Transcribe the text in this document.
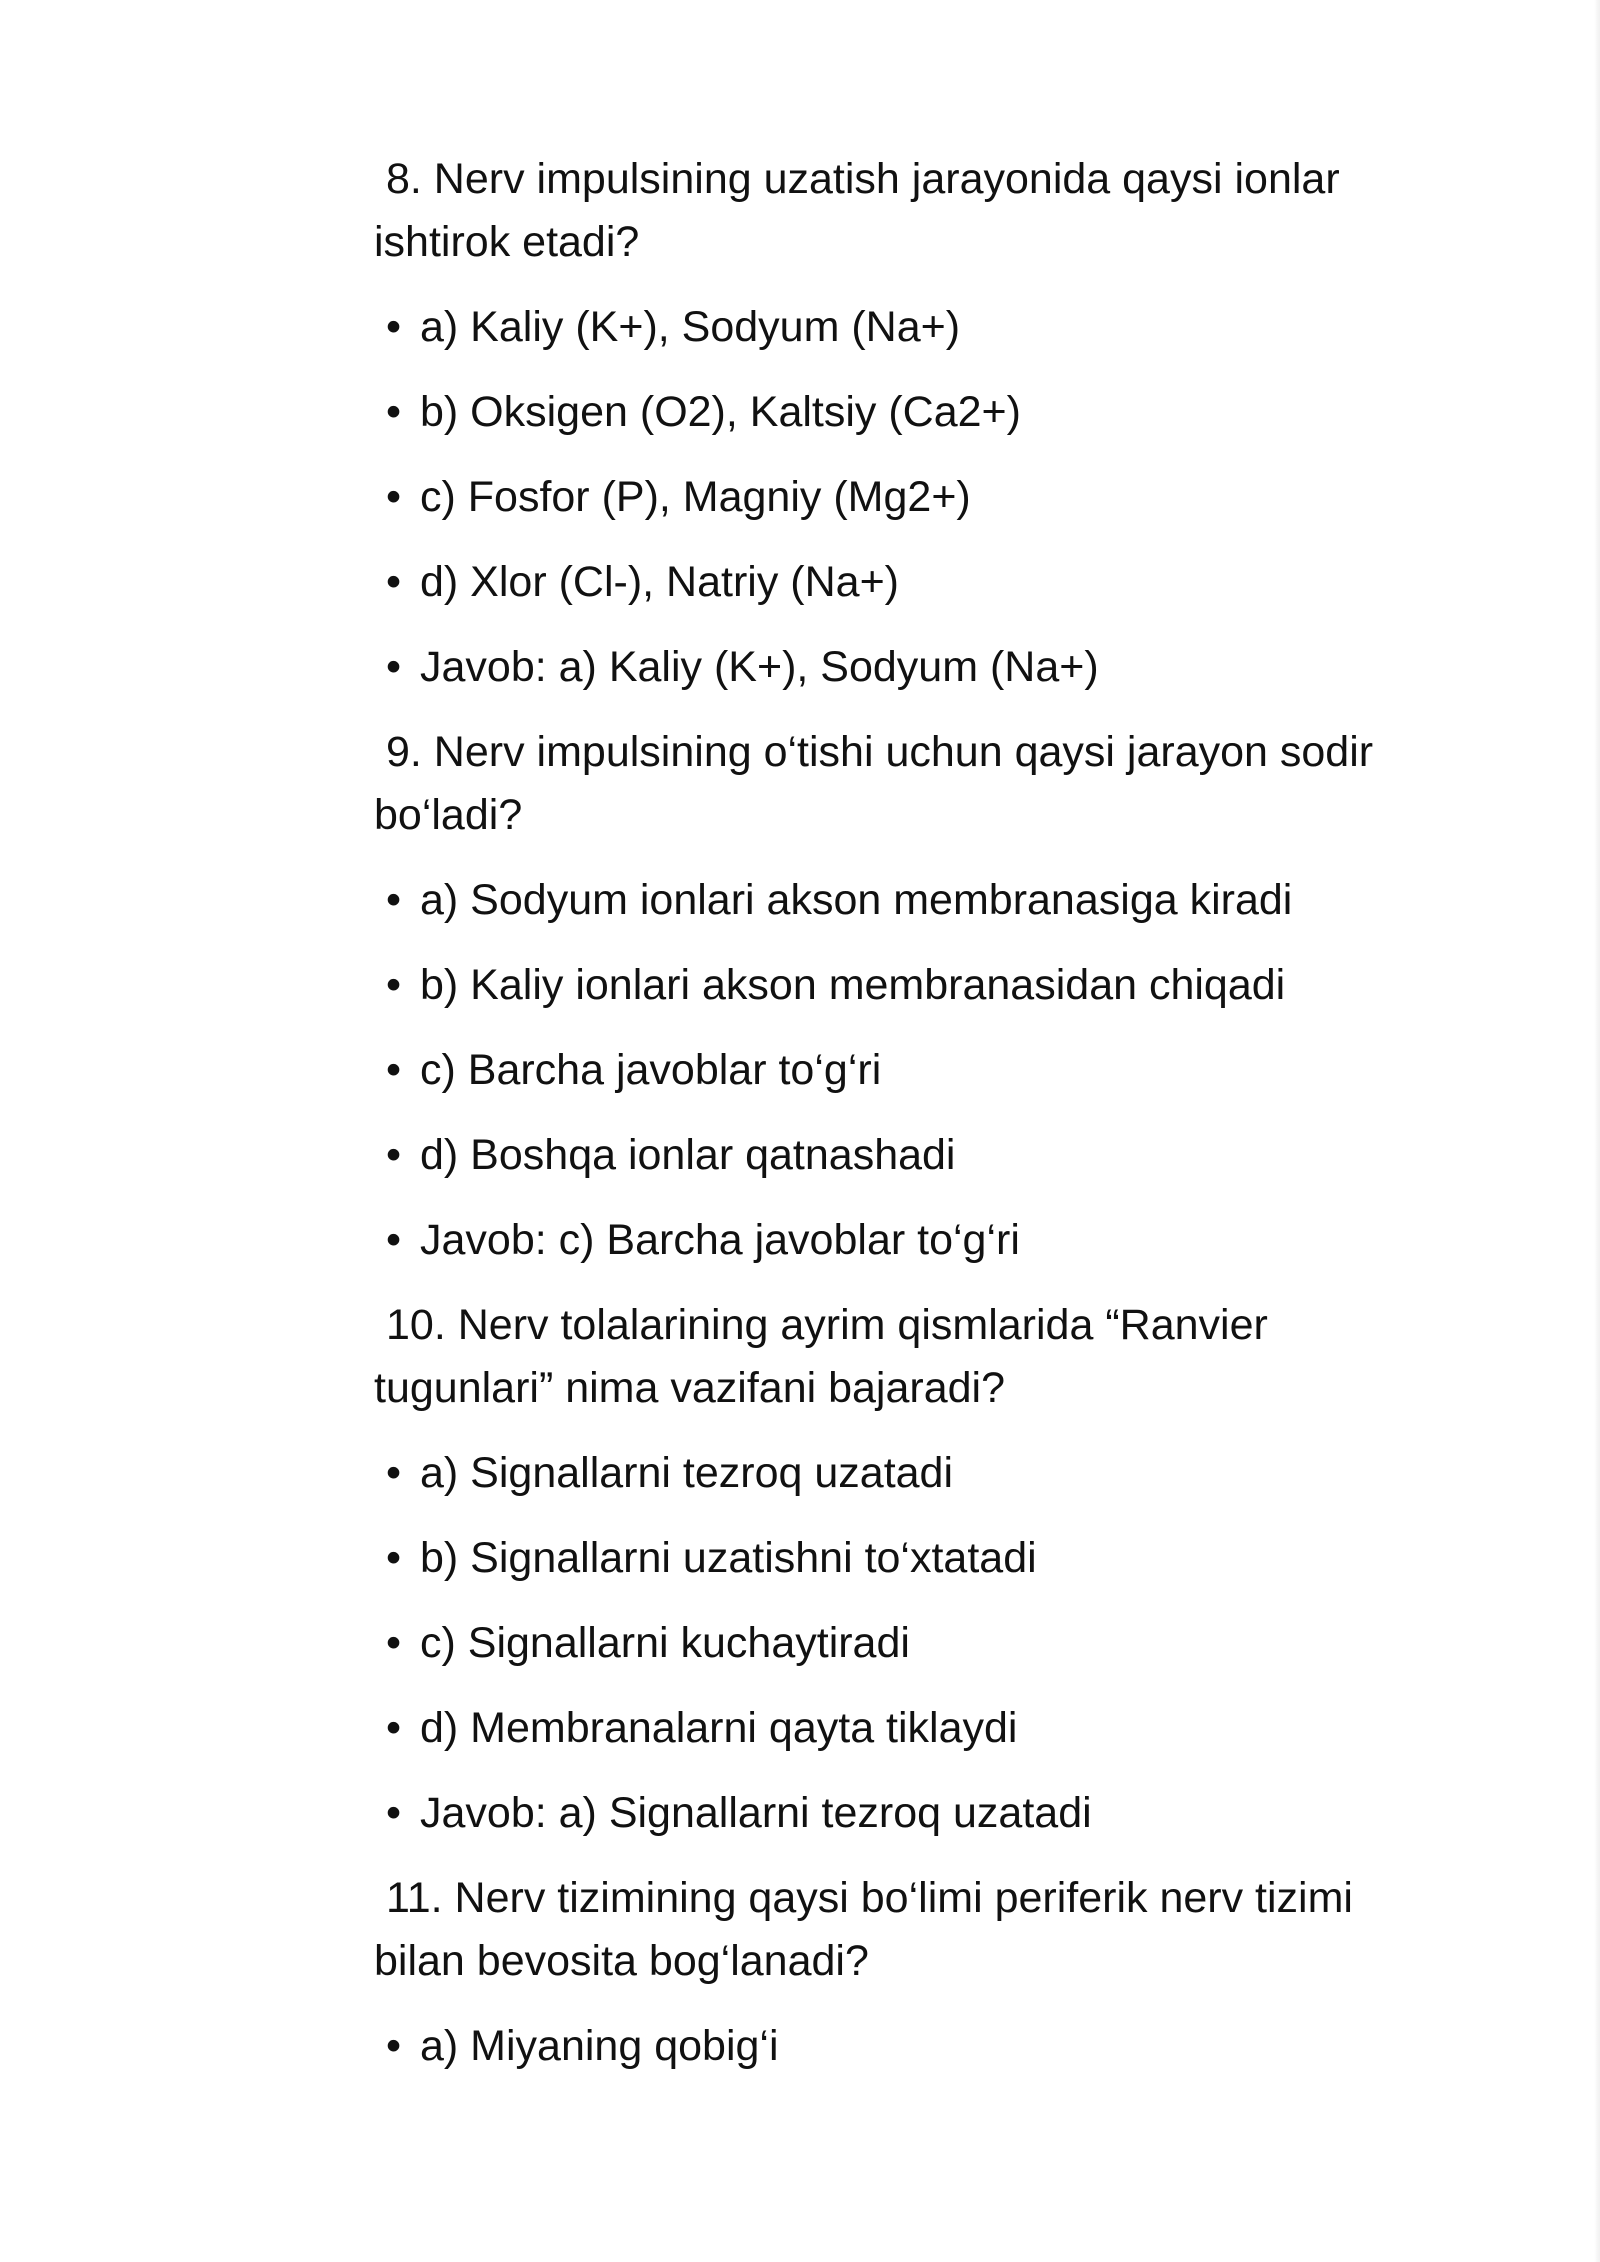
8. Nerv impulsining uzatish jarayonida qaysi ionlar ishtirok etadi?
• a) Kaliy (K+), Sodyum (Na+)
• b) Oksigen (O2), Kaltsiy (Ca2+)
• c) Fosfor (P), Magniy (Mg2+)
• d) Xlor (Cl-), Natriy (Na+)
• Javob: a) Kaliy (K+), Sodyum (Na+)
9. Nerv impulsining o‘tishi uchun qaysi jarayon sodir bo‘ladi?
• a) Sodyum ionlari akson membranasiga kiradi
• b) Kaliy ionlari akson membranasidan chiqadi
• c) Barcha javoblar to‘g‘ri
• d) Boshqa ionlar qatnashadi
• Javob: c) Barcha javoblar to‘g‘ri
10. Nerv tolalarining ayrim qismlarida “Ranvier tugunlari” nima vazifani bajaradi?
• a) Signallarni tezroq uzatadi
• b) Signallarni uzatishni to‘xtatadi
• c) Signallarni kuchaytiradi
• d) Membranalarni qayta tiklaydi
• Javob: a) Signallarni tezroq uzatadi
11. Nerv tizimining qaysi bo‘limi periferik nerv tizimi bilan bevosita bog‘lanadi?
• a) Miyaning qobig‘i
